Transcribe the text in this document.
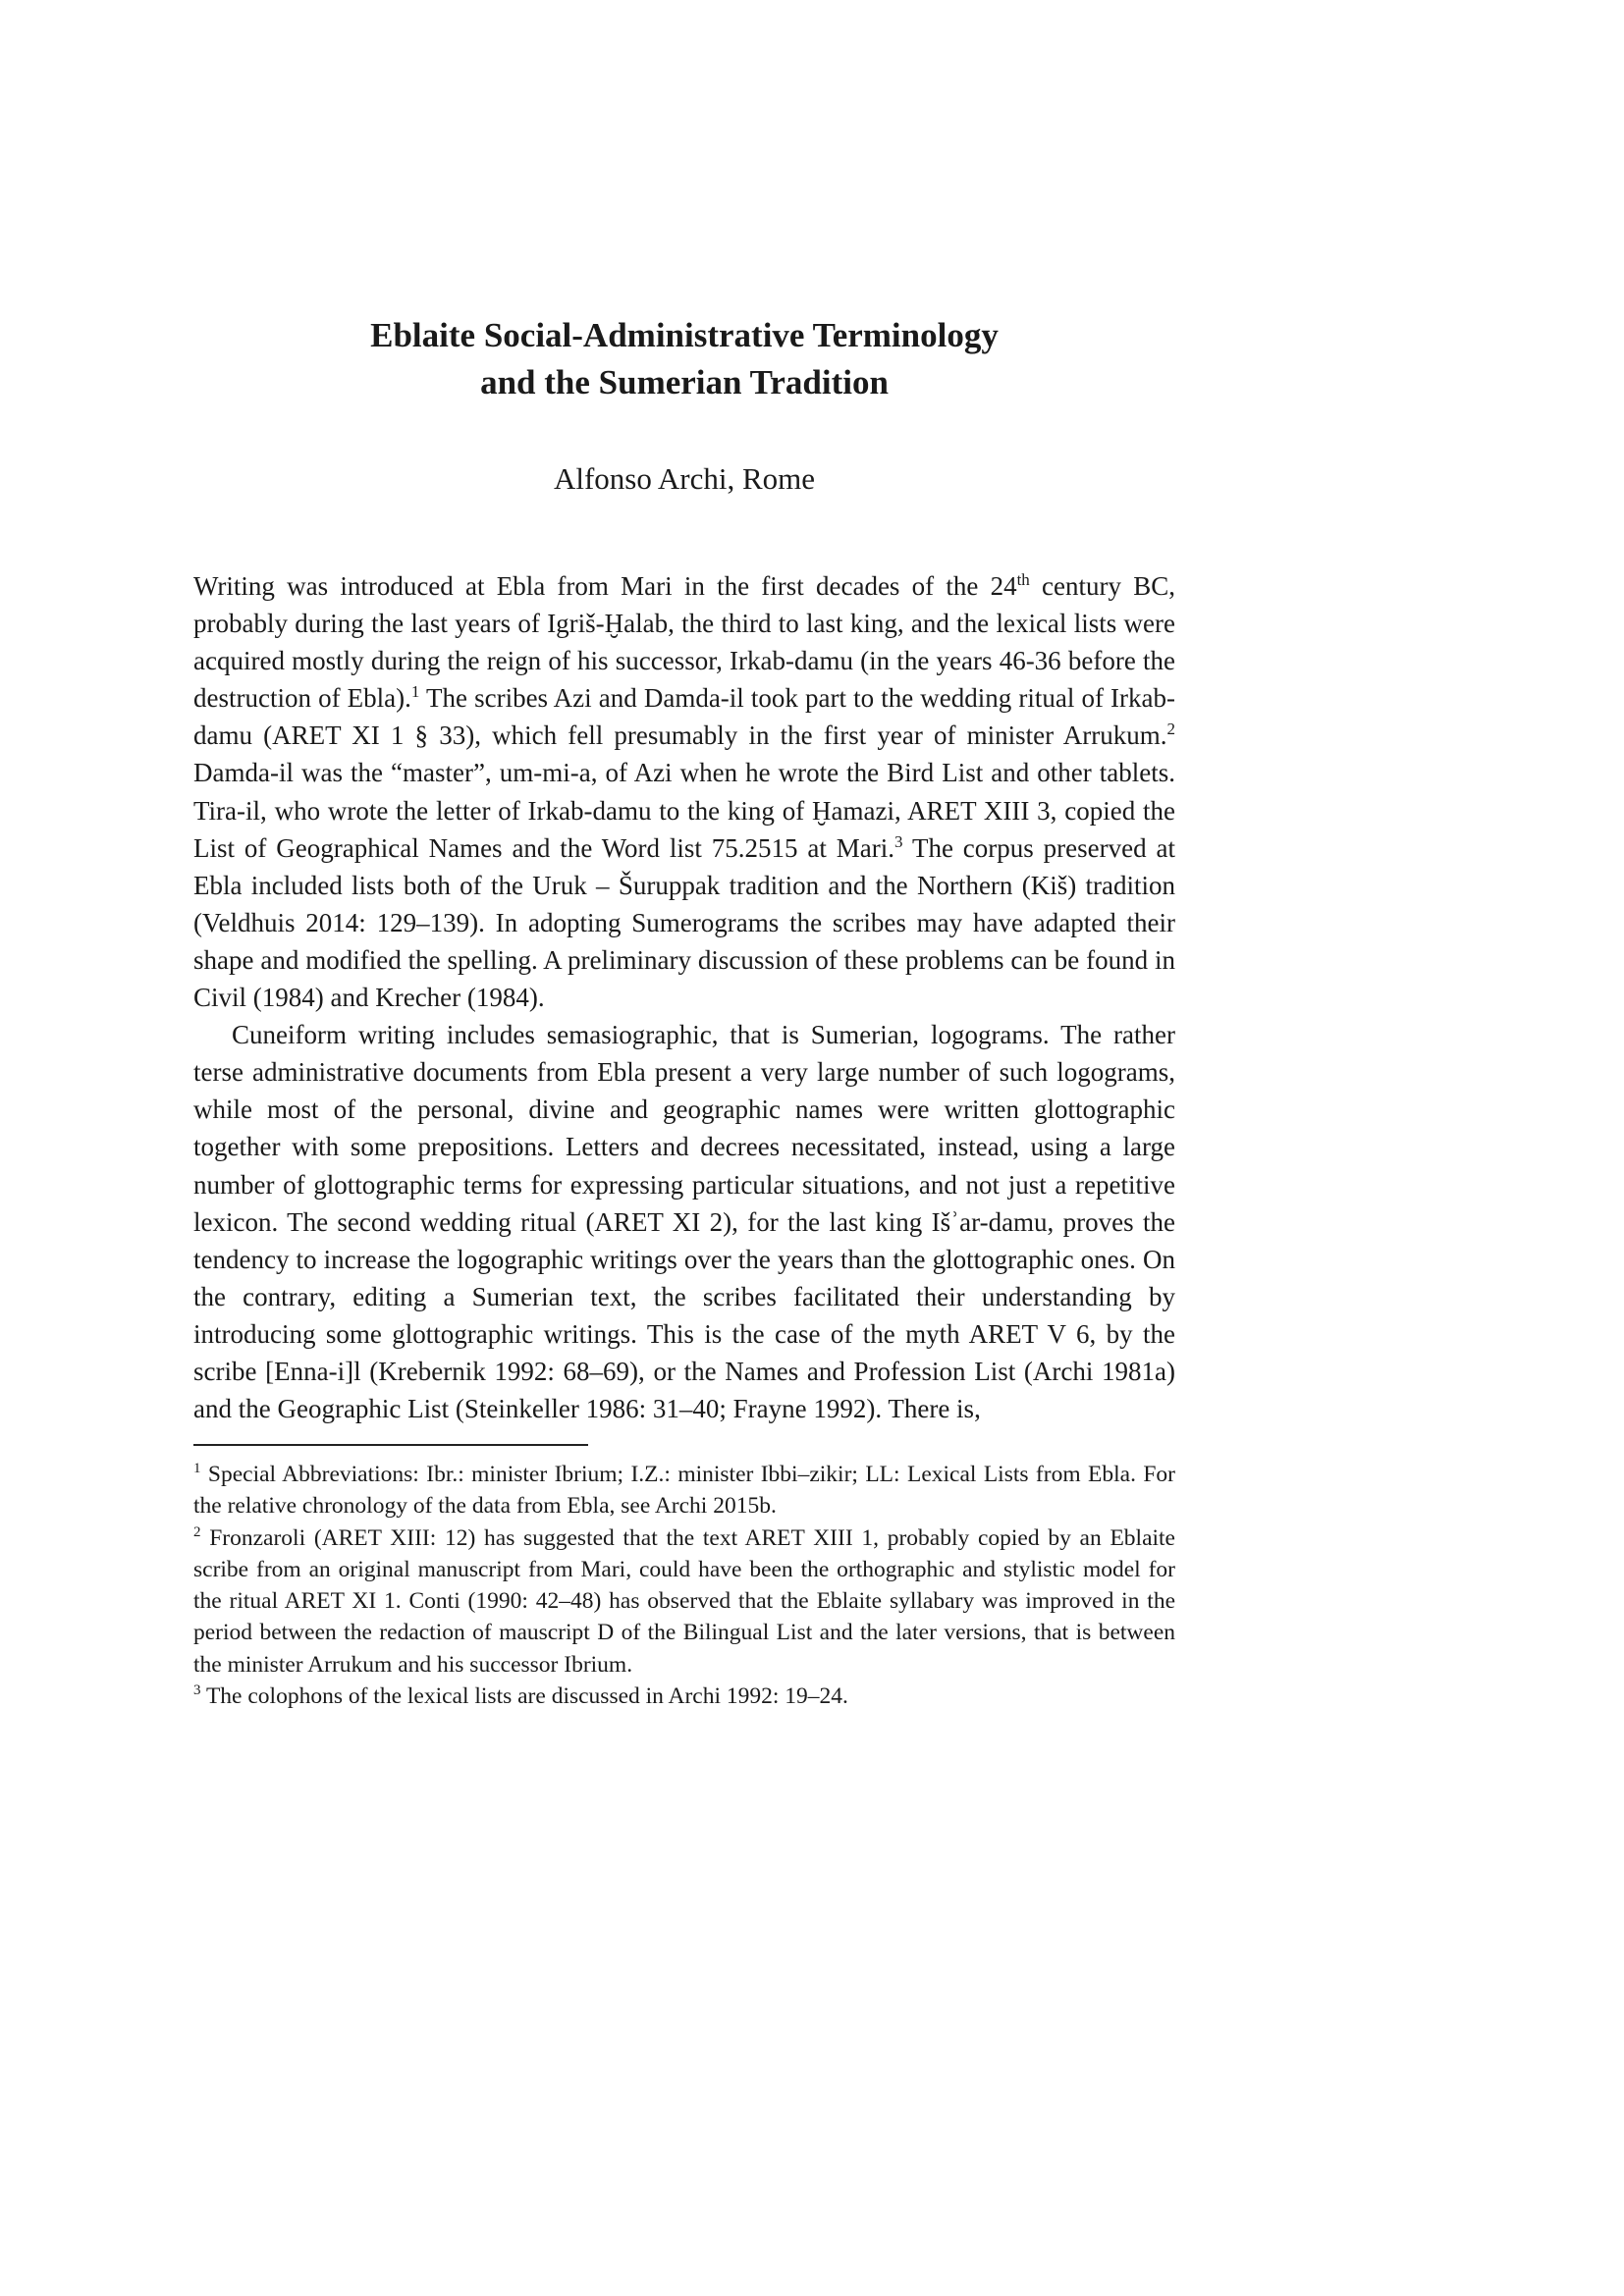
Eblaite Social-Administrative Terminology
and the Sumerian Tradition
Alfonso Archi, Rome

Writing was introduced at Ebla from Mari in the first decades of the 24th century BC, probably during the last years of Igriš-Ḫalab, the third to last king, and the lexical lists were acquired mostly during the reign of his successor, Irkab-damu (in the years 46-36 before the destruction of Ebla).$^1$ The scribes Azi and Damda-il took part to the wedding ritual of Irkab-damu (ARET XI 1 § 33), which fell presumably in the first year of minister Arrukum.$^2$ Damda-il was the “master”, um-mi-a, of Azi when he wrote the Bird List and other tablets. Tira-il, who wrote the letter of Irkab-damu to the king of Ḫamazi, ARET XIII 3, copied the List of Geographical Names and the Word list 75.2515 at Mari.$^3$ The corpus preserved at Ebla included lists both of the Uruk – Šuruppak tradition and the Northern (Kiš) tradition (Veldhuis 2014: 129–139). In adopting Sumerograms the scribes may have adapted their shape and modified the spelling. A preliminary discussion of these problems can be found in Civil (1984) and Krecher (1984).

Cuneiform writing includes semasiographic, that is Sumerian, logograms. The rather terse administrative documents from Ebla present a very large number of such logograms, while most of the personal, divine and geographic names were written glottographic together with some prepositions. Letters and decrees necessitated, instead, using a large number of glottographic terms for expressing particular situations, and not just a repetitive lexicon. The second wedding ritual (ARET XI 2), for the last king Išʾar-damu, proves the tendency to increase the logographic writings over the years than the glottographic ones. On the contrary, editing a Sumerian text, the scribes facilitated their understanding by introducing some glottographic writings. This is the case of the myth ARET V 6, by the scribe [Enna-i]l (Krebernik 1992: 68–69), or the Names and Profession List (Archi 1981a) and the Geographic List (Steinkeller 1986: 31–40; Frayne 1992). There is,

$^1$ Special Abbreviations: Ibr.: minister Ibrium; I.Z.: minister Ibbi–zikir; LL: Lexical Lists from Ebla. For the relative chronology of the data from Ebla, see Archi 2015b.

$^2$ Fronzaroli (ARET XIII: 12) has suggested that the text ARET XIII 1, probably copied by an Eblaite scribe from an original manuscript from Mari, could have been the orthographic and stylistic model for the ritual ARET XI 1. Conti (1990: 42–48) has observed that the Eblaite syllabary was improved in the period between the redaction of mauscript D of the Bilingual List and the later versions, that is between the minister Arrukum and his successor Ibrium.

$^3$ The colophons of the lexical lists are discussed in Archi 1992: 19–24.
